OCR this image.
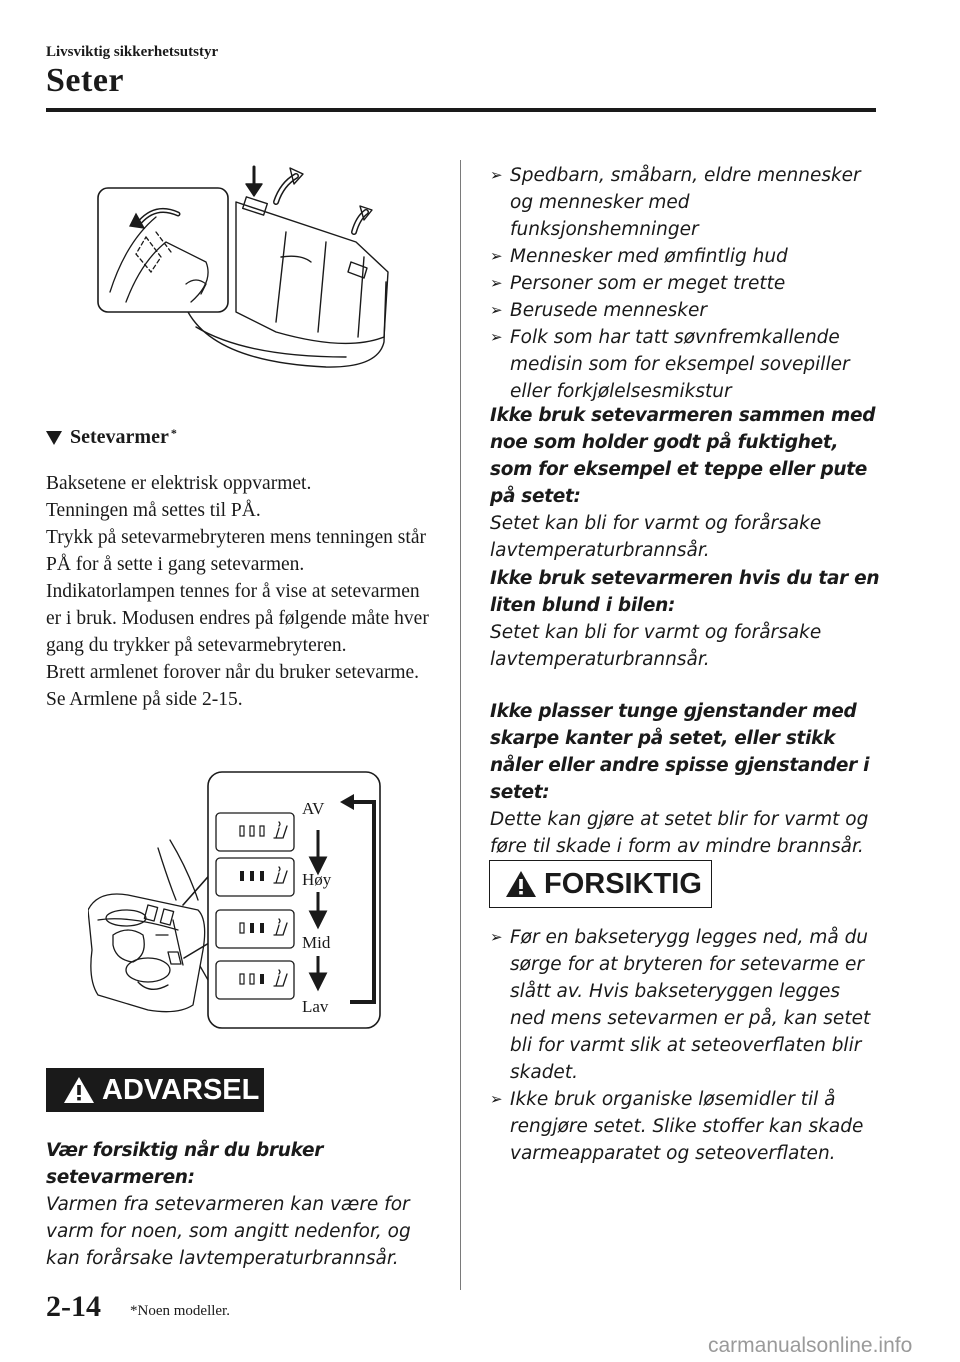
Livsviktig sikkerhetsutstyr
Seter
Setevarmer*

Baksetene er elektrisk oppvarmet.

Tenningen må settes til PÅ.

Trykk på setevarmebryteren mens tenningen står PÅ for å sette i gang setevarmen. Indikatorlampen tennes for å vise at setevarmen er i bruk. Modusen endres på følgende måte hver gang du trykker på setevarmebryteren.

Brett armlenet forover når du bruker setevarme.

Se Armlene på side 2-15.

AV
Høy
Mid
Lav
ADVARSEL

Vær forsiktig når du bruker setevarmeren:

Varmen fra setevarmeren kan være for varm for noen, som angitt nedenfor, og kan forårsake lavtemperaturbrannsår.

➢ Spedbarn, småbarn, eldre mennesker og mennesker med funksjonshemninger
➢ Mennesker med ømfintlig hud
➢ Personer som er meget trette
➢ Berusede mennesker
➢ Folk som har tatt søvnfremkallende medisin som for eksempel sovepiller eller forkjølelsesmikstur

Ikke bruk setevarmeren sammen med noe som holder godt på fuktighet, som for eksempel et teppe eller pute på setet:

Setet kan bli for varmt og forårsake lavtemperaturbrannsår.

Ikke bruk setevarmeren hvis du tar en liten blund i bilen:

Setet kan bli for varmt og forårsake lavtemperaturbrannsår.

Ikke plasser tunge gjenstander med skarpe kanter på setet, eller stikk nåler eller andre spisse gjenstander i setet:

Dette kan gjøre at setet blir for varmt og føre til skade i form av mindre brannsår.

FORSIKTIG
➢ Før en bakseterygg legges ned, må du sørge for at bryteren for setevarme er slått av. Hvis bakseteryggen legges ned mens setevarmen er på, kan setet bli for varmt slik at seteoverflaten blir skadet.
➢ Ikke bruk organiske løsemidler til å rengjøre setet. Slike stoffer kan skade varmeapparatet og seteoverflaten.
2-14 *Noen modeller.
carmanualsonline.info
